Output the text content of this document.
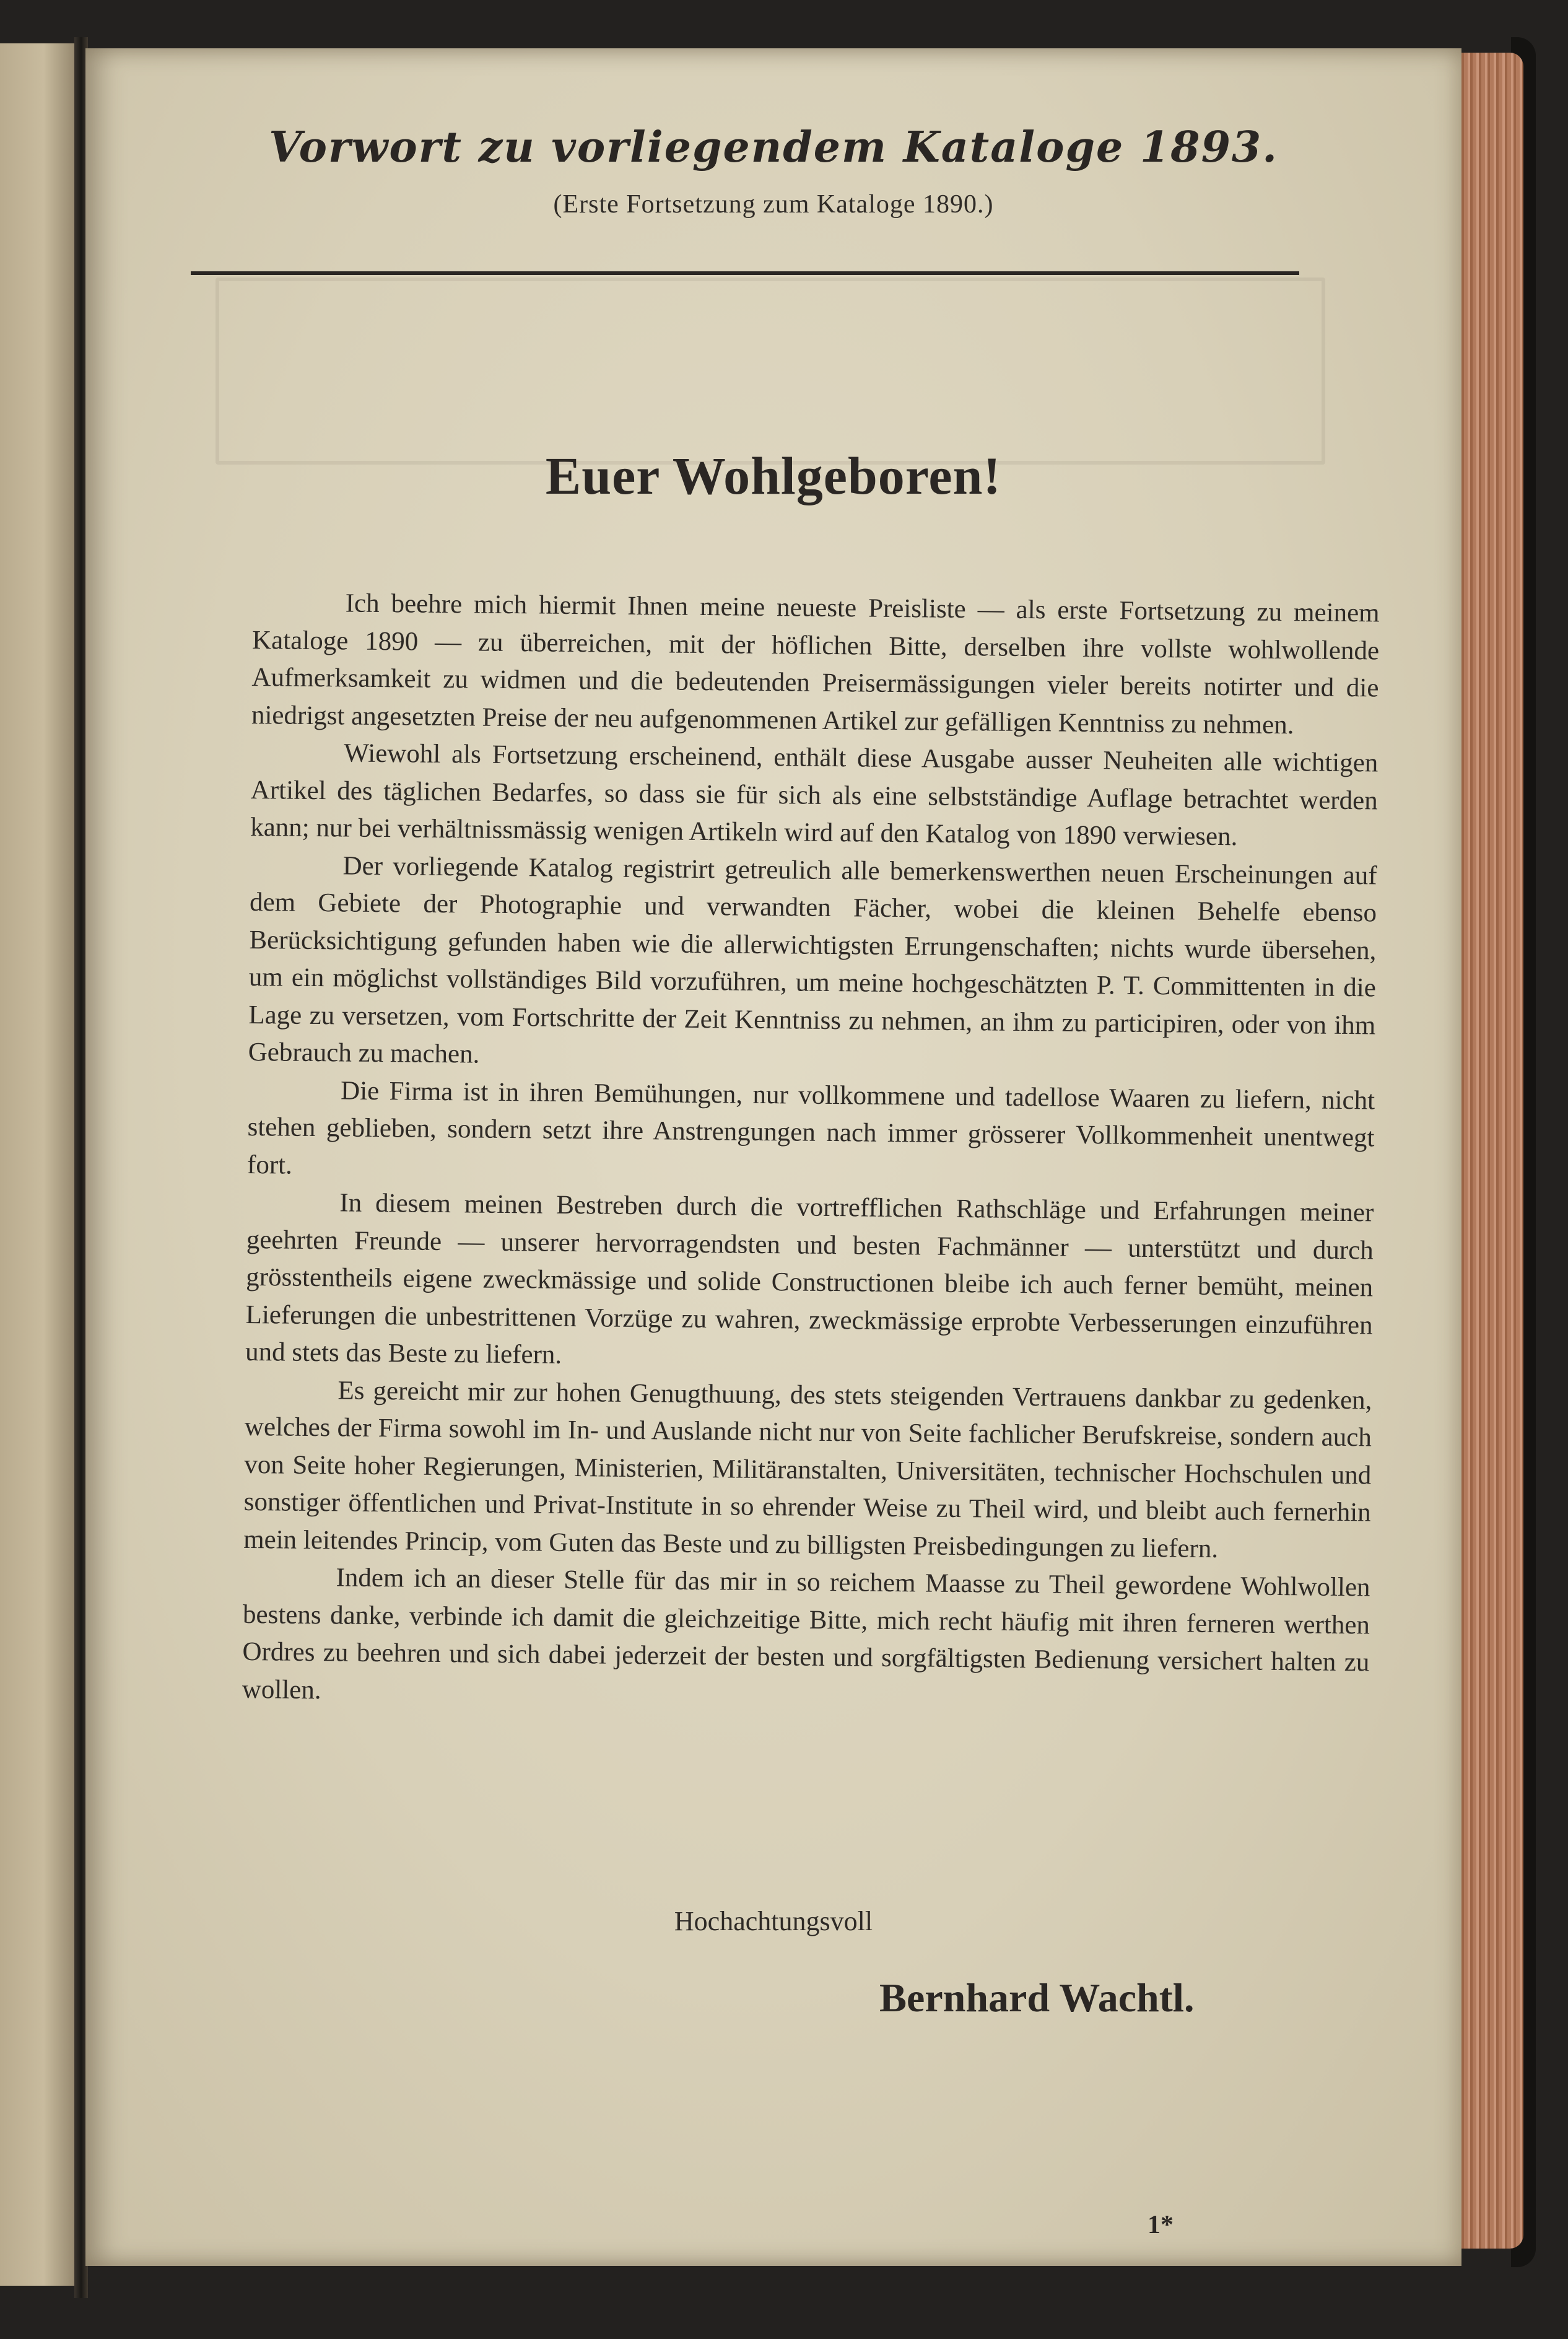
Vorwort zu vorliegendem Kataloge 1893.
(Erste Fortsetzung zum Kataloge 1890.)
Euer Wohlgeboren!

Ich beehre mich hiermit Ihnen meine neueste Preisliste — als erste Fortsetzung zu meinem Kataloge 1890 — zu überreichen, mit der höflichen Bitte, derselben ihre vollste wohlwollende Aufmerksamkeit zu widmen und die bedeutenden Preisermässigungen vieler bereits notirter und die niedrigst angesetzten Preise der neu aufgenommenen Artikel zur gefälligen Kenntniss zu nehmen.

Wiewohl als Fortsetzung erscheinend, enthält diese Ausgabe ausser Neuheiten alle wichtigen Artikel des täglichen Bedarfes, so dass sie für sich als eine selbstständige Auflage betrachtet werden kann; nur bei verhältnissmässig wenigen Artikeln wird auf den Katalog von 1890 verwiesen.

Der vorliegende Katalog registrirt getreulich alle bemerkenswerthen neuen Erscheinungen auf dem Gebiete der Photographie und verwandten Fächer, wobei die kleinen Behelfe ebenso Berücksichtigung gefunden haben wie die allerwichtigsten Errungenschaften; nichts wurde übersehen, um ein möglichst vollständiges Bild vorzuführen, um meine hochgeschätzten P. T. Committenten in die Lage zu versetzen, vom Fortschritte der Zeit Kenntniss zu nehmen, an ihm zu participiren, oder von ihm Gebrauch zu machen.

Die Firma ist in ihren Bemühungen, nur vollkommene und tadellose Waaren zu liefern, nicht stehen geblieben, sondern setzt ihre Anstrengungen nach immer grösserer Vollkommenheit unentwegt fort.

In diesem meinen Bestreben durch die vortrefflichen Rathschläge und Erfahrungen meiner geehrten Freunde — unserer hervorragendsten und besten Fachmänner — unterstützt und durch grösstentheils eigene zweckmässige und solide Constructionen bleibe ich auch ferner bemüht, meinen Lieferungen die unbestrittenen Vorzüge zu wahren, zweckmässige erprobte Verbesserungen einzuführen und stets das Beste zu liefern.

Es gereicht mir zur hohen Genugthuung, des stets steigenden Vertrauens dankbar zu gedenken, welches der Firma sowohl im In- und Auslande nicht nur von Seite fachlicher Berufskreise, sondern auch von Seite hoher Regierungen, Ministerien, Militäranstalten, Universitäten, technischer Hochschulen und sonstiger öffentlichen und Privat-Institute in so ehrender Weise zu Theil wird, und bleibt auch fernerhin mein leitendes Princip, vom Guten das Beste und zu billigsten Preisbedingungen zu liefern.

Indem ich an dieser Stelle für das mir in so reichem Maasse zu Theil gewordene Wohlwollen bestens danke, verbinde ich damit die gleichzeitige Bitte, mich recht häufig mit ihren ferneren werthen Ordres zu beehren und sich dabei jederzeit der besten und sorgfältigsten Bedienung versichert halten zu wollen.

Hochachtungsvoll
Bernhard Wachtl.
1*
